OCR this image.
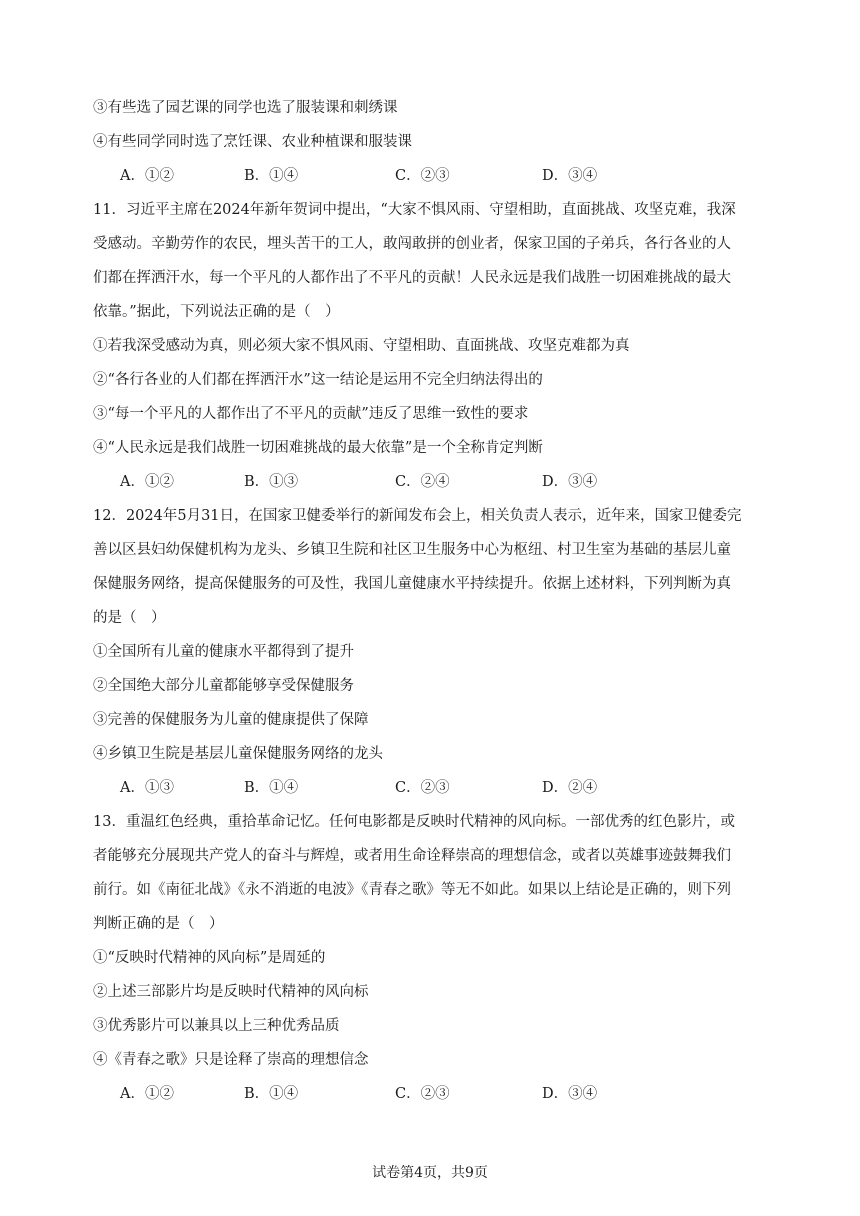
③有些选了园艺课的同学也选了服装课和刺绣课
④有些同学同时选了烹饪课、农业种植课和服装课
A．①②	B．①④	C．②③	D．③④
11．习近平主席在2024年新年贺词中提出，“大家不惧风雨、守望相助，直面挑战、攻坚克难，我深
受感动。辛勤劳作的农民，埋头苦干的工人，敢闯敢拼的创业者，保家卫国的子弟兵，各行各业的人
们都在挥洒汗水，每一个平凡的人都作出了不平凡的贡献！人民永远是我们战胜一切困难挑战的最大
依靠。”据此，下列说法正确的是（　）
①若我深受感动为真，则必须大家不惧风雨、守望相助、直面挑战、攻坚克难都为真
②“各行各业的人们都在挥洒汗水”这一结论是运用不完全归纳法得出的
③“每一个平凡的人都作出了不平凡的贡献”违反了思维一致性的要求
④“人民永远是我们战胜一切困难挑战的最大依靠”是一个全称肯定判断
A．①②	B．①③	C．②④	D．③④
12．2024年5月31日，在国家卫健委举行的新闻发布会上，相关负责人表示，近年来，国家卫健委完
善以区县妇幼保健机构为龙头、乡镇卫生院和社区卫生服务中心为枢纽、村卫生室为基础的基层儿童
保健服务网络，提高保健服务的可及性，我国儿童健康水平持续提升。依据上述材料，下列判断为真
的是（　）
①全国所有儿童的健康水平都得到了提升
②全国绝大部分儿童都能够享受保健服务
③完善的保健服务为儿童的健康提供了保障
④乡镇卫生院是基层儿童保健服务网络的龙头
A．①③	B．①④	C．②③	D．②④
13．重温红色经典，重拾革命记忆。任何电影都是反映时代精神的风向标。一部优秀的红色影片，或
者能够充分展现共产党人的奋斗与辉煌，或者用生命诠释崇高的理想信念，或者以英雄事迹鼓舞我们
前行。如《南征北战》《永不消逝的电波》《青春之歌》等无不如此。如果以上结论是正确的，则下列
判断正确的是（　）
①“反映时代精神的风向标”是周延的
②上述三部影片均是反映时代精神的风向标
③优秀影片可以兼具以上三种优秀品质
④《青春之歌》只是诠释了崇高的理想信念
A．①②	B．①④	C．②③	D．③④
试卷第4页，共9页
